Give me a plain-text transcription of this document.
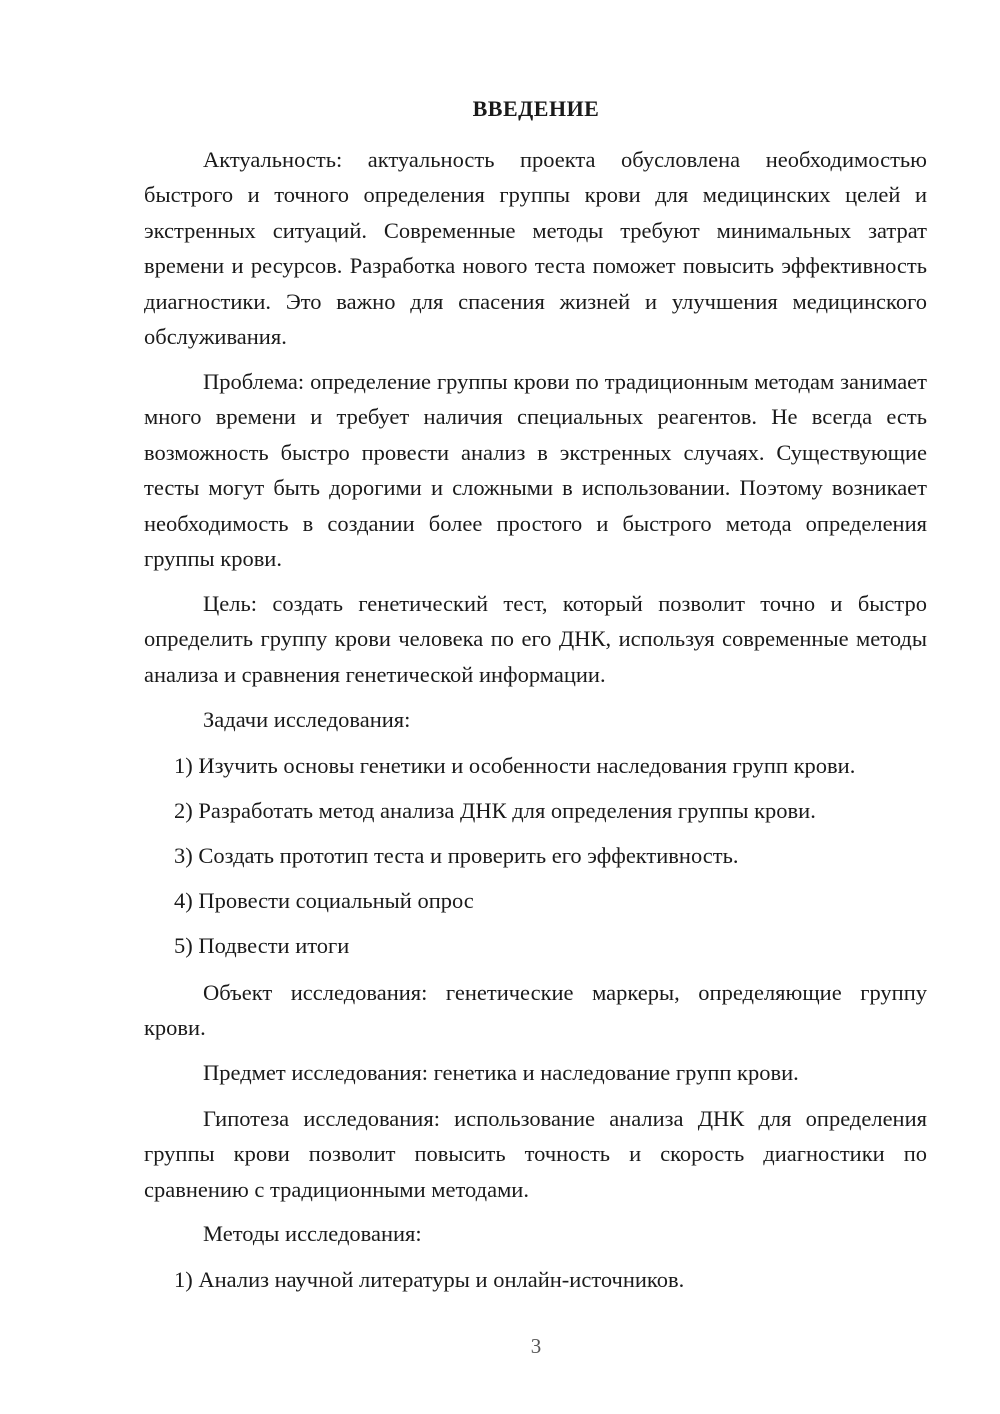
ВВЕДЕНИЕ

Актуальность: актуальность проекта обусловлена необходимостью быстрого и точного определения группы крови для медицинских целей и экстренных ситуаций. Современные методы требуют минимальных затрат времени и ресурсов. Разработка нового теста поможет повысить эффективность диагностики. Это важно для спасения жизней и улучшения медицинского обслуживания.

Проблема: определение группы крови по традиционным методам занимает много времени и требует наличия специальных реагентов. Не всегда есть возможность быстро провести анализ в экстренных случаях. Существующие тесты могут быть дорогими и сложными в использовании. Поэтому возникает необходимость в создании более простого и быстрого метода определения группы крови.

Цель: создать генетический тест, который позволит точно и быстро определить группу крови человека по его ДНК, используя современные методы анализа и сравнения генетической информации.

Задачи исследования:

1) Изучить основы генетики и особенности наследования групп крови.

2) Разработать метод анализа ДНК для определения группы крови.

3) Создать прототип теста и проверить его эффективность.

4) Провести социальный опрос

5) Подвести итоги

Объект исследования: генетические маркеры, определяющие группу крови.

Предмет исследования: генетика и наследование групп крови.

Гипотеза исследования: использование анализа ДНК для определения группы крови позволит повысить точность и скорость диагностики по сравнению с традиционными методами.

Методы исследования:

1) Анализ научной литературы и онлайн-источников.

3
